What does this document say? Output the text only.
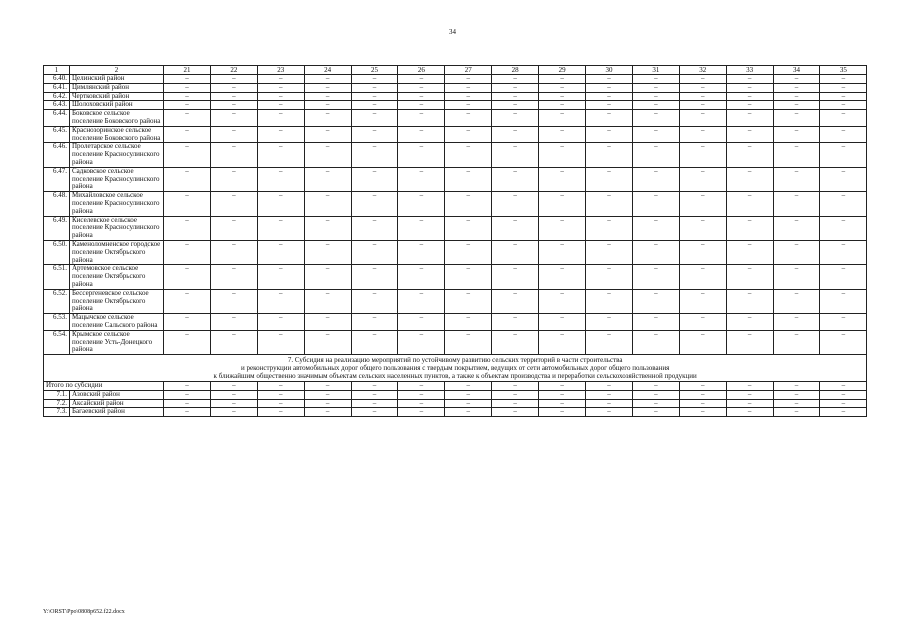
34
1	2	21	22	23	24	25	26	27	28	29	30	31	32	33	34	35
6.40.	Целинский район	–	–	–	–	–	–	–	–	–	–	–	–	–	–	–
6.41.	Цимлянский район	–	–	–	–	–	–	–	–	–	–	–	–	–	–	–
6.42.	Чертковский район	–	–	–	–	–	–	–	–	–	–	–	–	–	–	–
6.43.	Шолоховский район	–	–	–	–	–	–	–	–	–	–	–	–	–	–	–
6.44.	Боковское сельское поселение Боковского района	–	–	–	–	–	–	–	–	–	–	–	–	–	–	–
6.45.	Краснозоринское сельское поселение Боковского района	–	–	–	–	–	–	–	–	–	–	–	–	–	–	–
6.46.	Пролетарское сельское поселение Красносулинского района	–	–	–	–	–	–	–	–	–	–	–	–	–	–	–
6.47.	Садковское сельское поселение Красносулинского района	–	–	–	–	–	–	–	–	–	–	–	–	–	–	–
6.48.	Михайловское сельское поселение Красносулинского района	–	–	–	–	–	–	–	–	–	–	–	–	–	–	–
6.49.	Киселевское сельское поселение Красносулинского района	–	–	–	–	–	–	–	–	–	–	–	–	–	–	–
6.50.	Каменоломненское городское поселение Октябрьского района	–	–	–	–	–	–	–	–	–	–	–	–	–	–	–
6.51.	Артемовское сельское поселение Октябрьского района	–	–	–	–	–	–	–	–	–	–	–	–	–	–	–
6.52.	Бессергеневское сельское поселение Октябрьского района	–	–	–	–	–	–	–	–	–	–	–	–	–	–	–
6.53.	Мацычское сельское поселение Сальского района	–	–	–	–	–	–	–	–	–	–	–	–	–	–	–
6.54.	Крымское сельское поселение Усть-Донецкого района	–	–	–	–	–	–	–	–	–	–	–	–	–	–	–

7. Субсидия на реализацию мероприятий по устойчивому развитию сельских территорий в части строительства
и реконструкции автомобильных дорог общего пользования с твердым покрытием, ведущих от сети автомобильных дорог общего пользования
к ближайшим общественно значимым объектам сельских населенных пунктов, а также к объектам производства и переработки сельскохозяйственной продукции																

Итого по субсидии		–	–	–	–	–	–	–	–	–	–	–	–	–	–	–
7.1.	Азовский район	–	–	–	–	–	–	–	–	–	–	–	–	–	–	–
7.2.	Аксайский район	–	–	–	–	–	–	–	–	–	–	–	–	–	–	–
7.3.	Багаевский район	–	–	–	–	–	–	–	–	–	–	–	–	–	–	–
Y:\ORST\Ppo\0808p652.f22.docx
